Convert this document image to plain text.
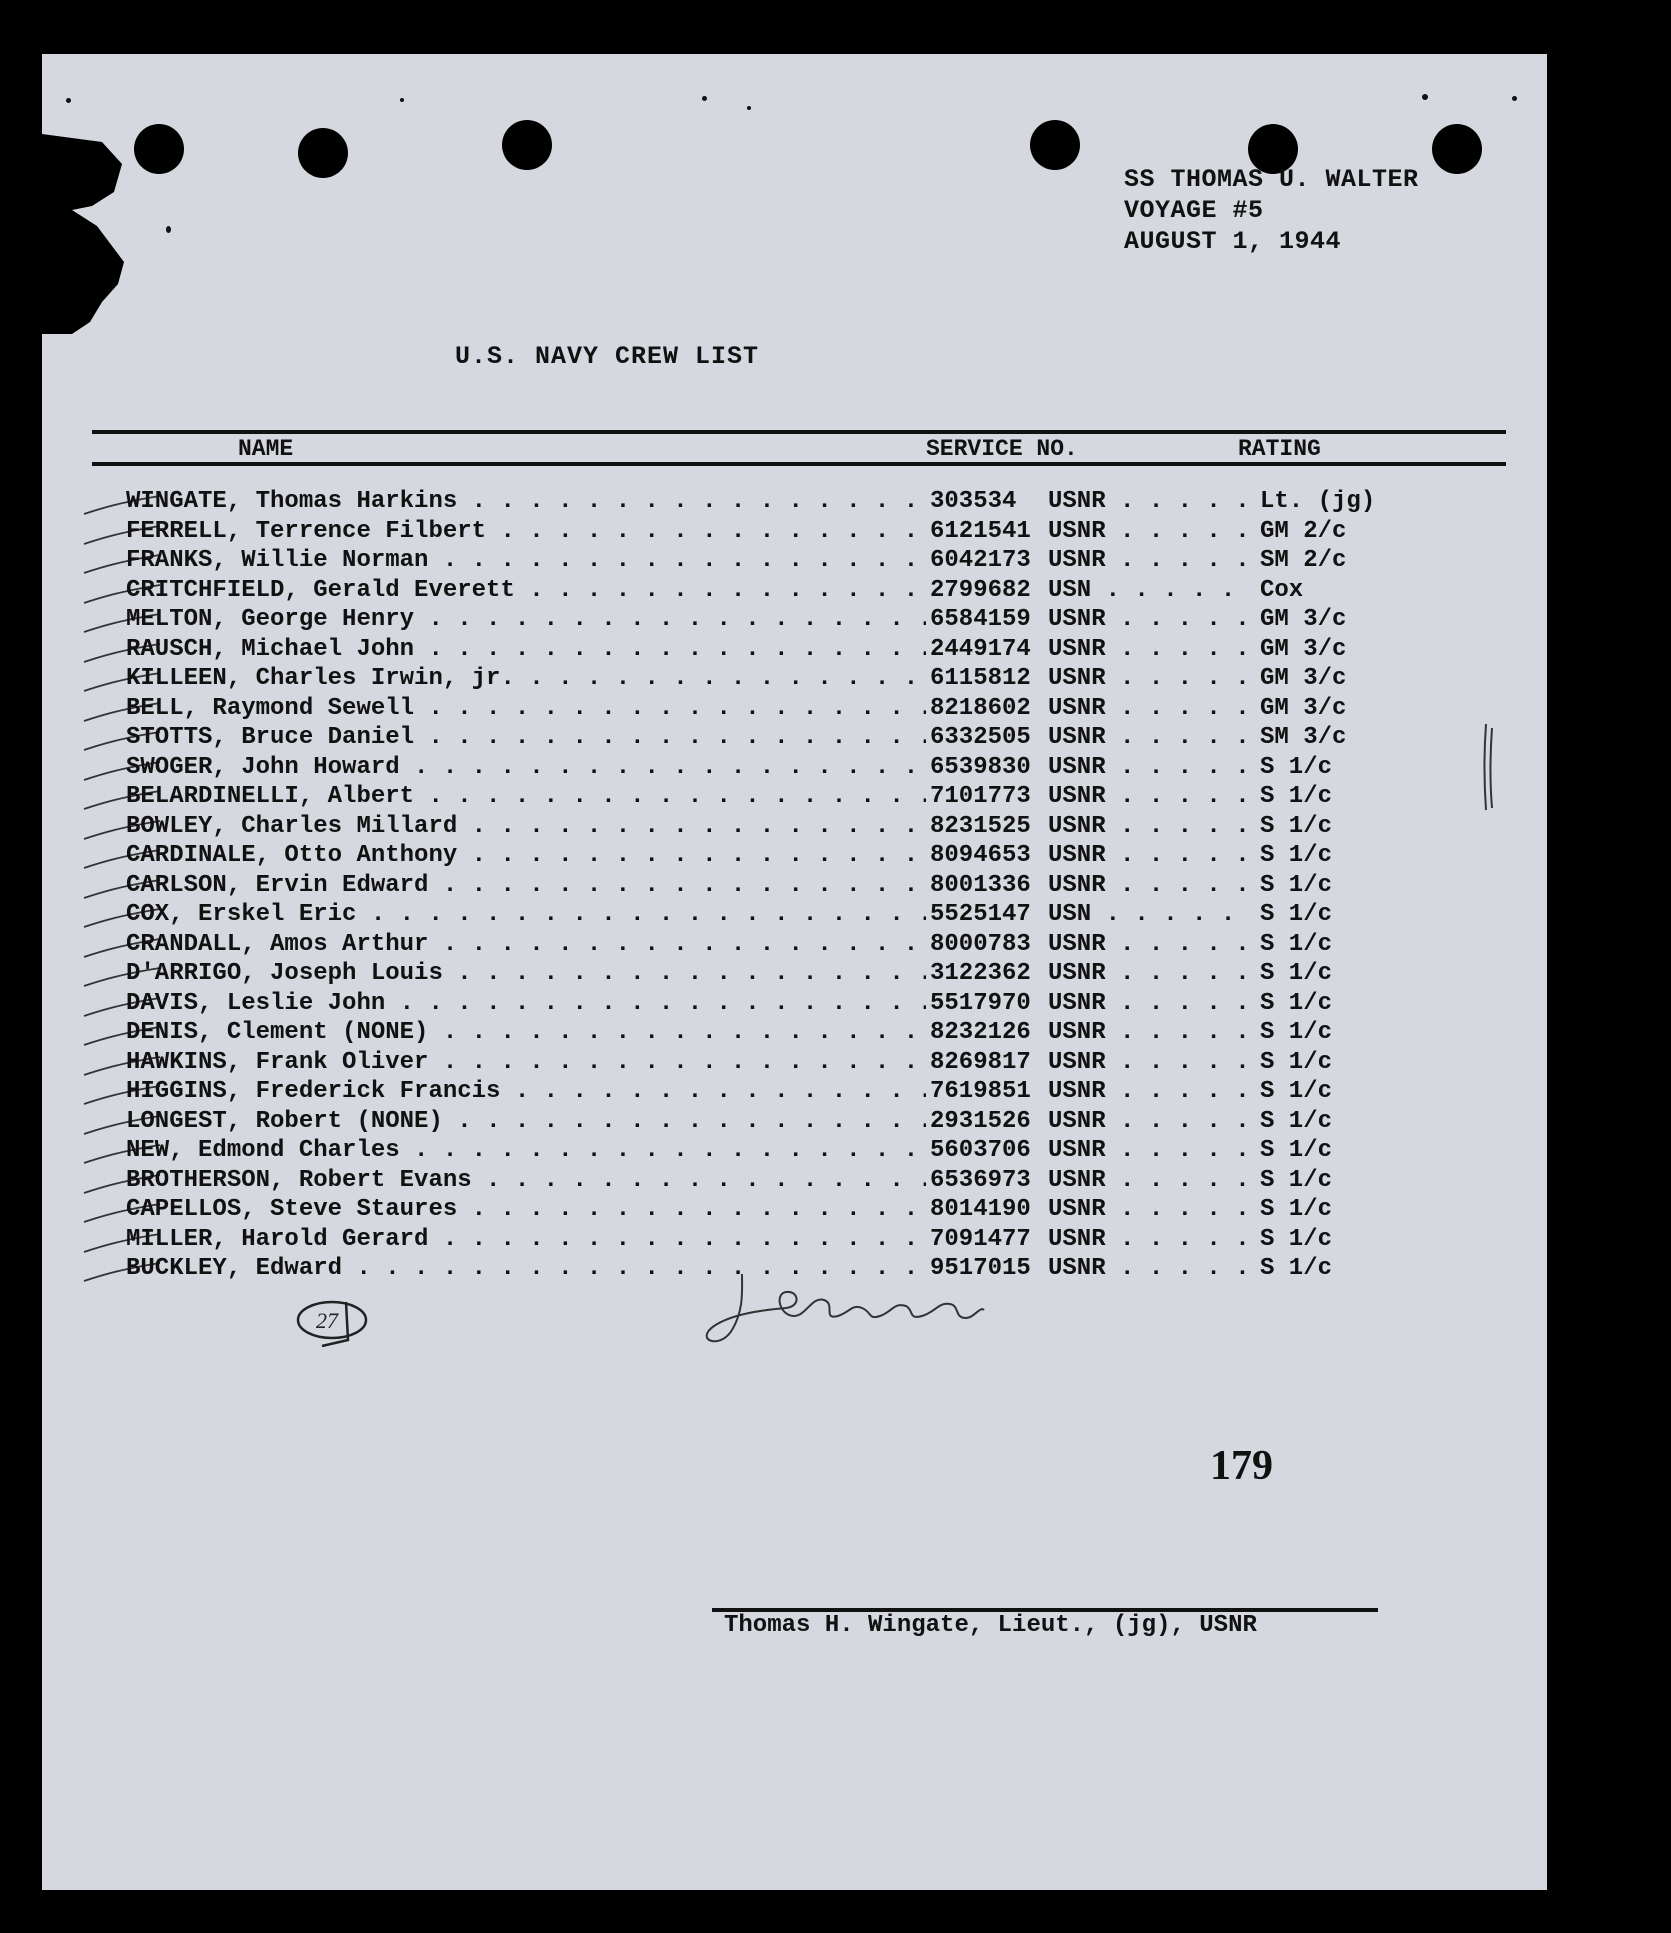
SS THOMAS U. WALTER
VOYAGE #5
AUGUST 1, 1944
U.S. NAVY CREW LIST
NAME	SERVICE NO.	RATING
WINGATE, Thomas Harkins . . .	303534 USNR . . .	Lt. (jg)
FERRELL, Terrence Filbert . . .	6121541 USNR . . .	GM 2/c
FRANKS, Willie Norman . . .	6042173 USNR . . .	SM 2/c
CRITCHFIELD, Gerald Everett . . .	2799682 USN . . .	Cox
MELTON, George Henry . . .	6584159 USNR . . .	GM 3/c
RAUSCH, Michael John . . .	2449174 USNR . . .	GM 3/c
KILLEEN, Charles Irwin, jr. . . .	6115812 USNR . . .	GM 3/c
BELL, Raymond Sewell . . .	8218602 USNR . . .	GM 3/c
STOTTS, Bruce Daniel . . .	6332505 USNR . . .	SM 3/c
SWOGER, John Howard . . .	6539830 USNR . . .	S 1/c
BELARDINELLI, Albert . . .	7101773 USNR . . .	S 1/c
BOWLEY, Charles Millard . . .	8231525 USNR . . .	S 1/c
CARDINALE, Otto Anthony . . .	8094653 USNR . . .	S 1/c
CARLSON, Ervin Edward . . .	8001336 USNR . . .	S 1/c
COX, Erskel Eric . . .	5525147 USN . . .	S 1/c
CRANDALL, Amos Arthur . . .	8000783 USNR . . .	S 1/c
D'ARRIGO, Joseph Louis . . .	3122362 USNR . . .	S 1/c
DAVIS, Leslie John . . .	5517970 USNR . . .	S 1/c
DENIS, Clement (NONE) . . .	8232126 USNR . . .	S 1/c
HAWKINS, Frank Oliver . . .	8269817 USNR . . .	S 1/c
HIGGINS, Frederick Francis . . .	7619851 USNR . . .	S 1/c
LONGEST, Robert (NONE) . . .	2931526 USNR . . .	S 1/c
NEW, Edmond Charles . . .	5603706 USNR . . .	S 1/c
BROTHERSON, Robert Evans . . .	6536973 USNR . . .	S 1/c
CAPELLOS, Steve Staures . . .	8014190 USNR . . .	S 1/c
MILLER, Harold Gerard . . .	7091477 USNR . . .	S 1/c
BUCKLEY, Edward . . .	9517015 USNR . . .	S 1/c
27
179
Thomas H. Wingate, Lieut., (jg), USNR
